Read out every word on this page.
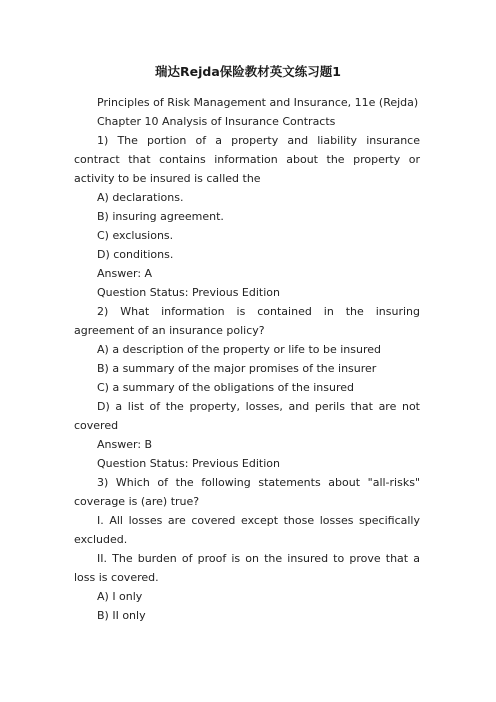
瑞达Rejda保险教材英文练习题1

Principles of Risk Management and Insurance, 11e (Rejda)

Chapter 10 Analysis of Insurance Contracts

1) The portion of a property and liability insurance contract that contains information about the property or activity to be insured is called the

A) declarations.

B) insuring agreement.

C) exclusions.

D) conditions.

Answer: A

Question Status: Previous Edition

2) What information is contained in the insuring agreement of an insurance policy?

A) a description of the property or life to be insured

B) a summary of the major promises of the insurer

C) a summary of the obligations of the insured

D) a list of the property, losses, and perils that are not covered

Answer: B

Question Status: Previous Edition

3) Which of the following statements about "all-risks" coverage is (are) true?

I. All losses are covered except those losses specifically excluded.

II. The burden of proof is on the insured to prove that a loss is covered.

A) I only

B) II only
